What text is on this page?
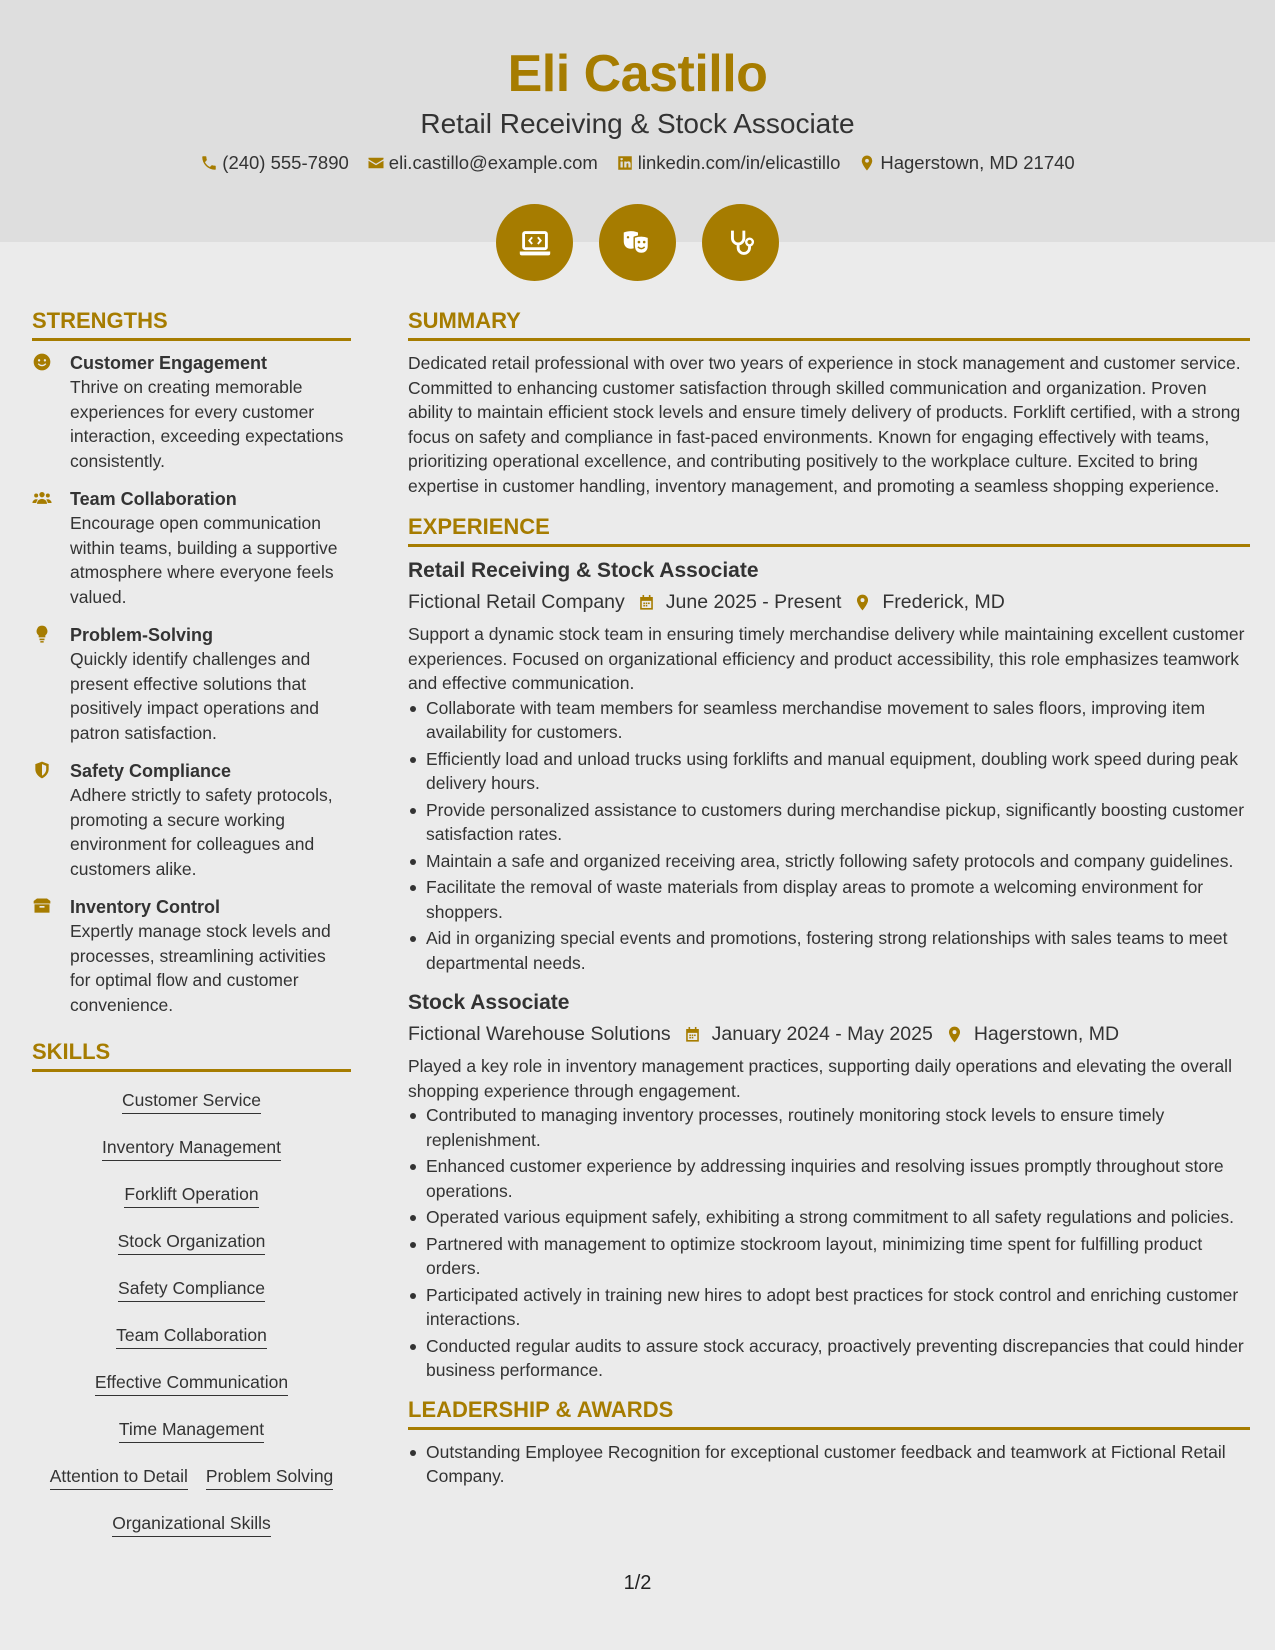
Eli Castillo
Retail Receiving & Stock Associate
(240) 555-7890 eli.castillo@example.com linkedin.com/in/elicastillo Hagerstown, MD 21740
STRENGTHS
Customer Engagement
Thrive on creating memorable experiences for every customer interaction, exceeding expectations consistently.
Team Collaboration
Encourage open communication within teams, building a supportive atmosphere where everyone feels valued.
Problem-Solving
Quickly identify challenges and present effective solutions that positively impact operations and patron satisfaction.
Safety Compliance
Adhere strictly to safety protocols, promoting a secure working environment for colleagues and customers alike.
Inventory Control
Expertly manage stock levels and processes, streamlining activities for optimal flow and customer convenience.
SKILLS
Customer Service
Inventory Management
Forklift Operation
Stock Organization
Safety Compliance
Team Collaboration
Effective Communication
Time Management
Attention to Detail Problem Solving
Organizational Skills
SUMMARY
Dedicated retail professional with over two years of experience in stock management and customer service. Committed to enhancing customer satisfaction through skilled communication and organization. Proven ability to maintain efficient stock levels and ensure timely delivery of products. Forklift certified, with a strong focus on safety and compliance in fast-paced environments. Known for engaging effectively with teams, prioritizing operational excellence, and contributing positively to the workplace culture. Excited to bring expertise in customer handling, inventory management, and promoting a seamless shopping experience.
EXPERIENCE
Retail Receiving & Stock Associate
Fictional Retail Company June 2025 - Present Frederick, MD
Support a dynamic stock team in ensuring timely merchandise delivery while maintaining excellent customer experiences. Focused on organizational efficiency and product accessibility, this role emphasizes teamwork and effective communication.
Collaborate with team members for seamless merchandise movement to sales floors, improving item availability for customers.
Efficiently load and unload trucks using forklifts and manual equipment, doubling work speed during peak delivery hours.
Provide personalized assistance to customers during merchandise pickup, significantly boosting customer satisfaction rates.
Maintain a safe and organized receiving area, strictly following safety protocols and company guidelines.
Facilitate the removal of waste materials from display areas to promote a welcoming environment for shoppers.
Aid in organizing special events and promotions, fostering strong relationships with sales teams to meet departmental needs.
Stock Associate
Fictional Warehouse Solutions January 2024 - May 2025 Hagerstown, MD
Played a key role in inventory management practices, supporting daily operations and elevating the overall shopping experience through engagement.
Contributed to managing inventory processes, routinely monitoring stock levels to ensure timely replenishment.
Enhanced customer experience by addressing inquiries and resolving issues promptly throughout store operations.
Operated various equipment safely, exhibiting a strong commitment to all safety regulations and policies.
Partnered with management to optimize stockroom layout, minimizing time spent for fulfilling product orders.
Participated actively in training new hires to adopt best practices for stock control and enriching customer interactions.
Conducted regular audits to assure stock accuracy, proactively preventing discrepancies that could hinder business performance.
LEADERSHIP & AWARDS
Outstanding Employee Recognition for exceptional customer feedback and teamwork at Fictional Retail Company.
1/2
